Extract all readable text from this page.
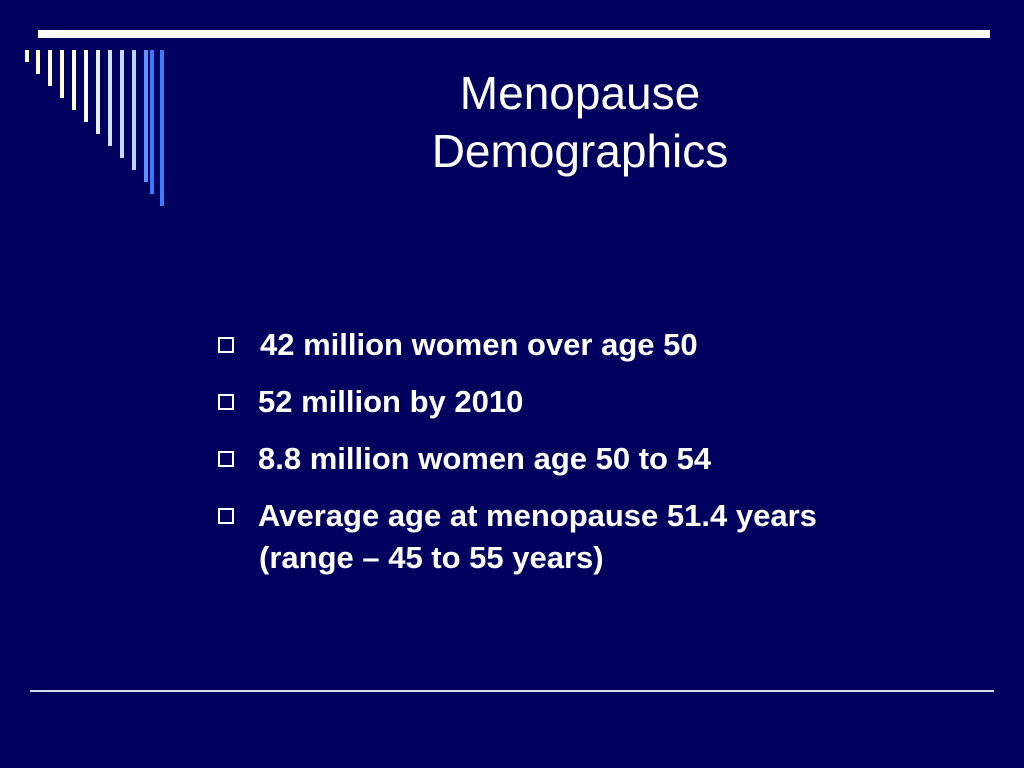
Menopause
Demographics
42 million women over age 50
52 million by 2010
8.8 million women age 50 to 54
Average age at menopause 51.4 years
(range – 45 to 55 years)
